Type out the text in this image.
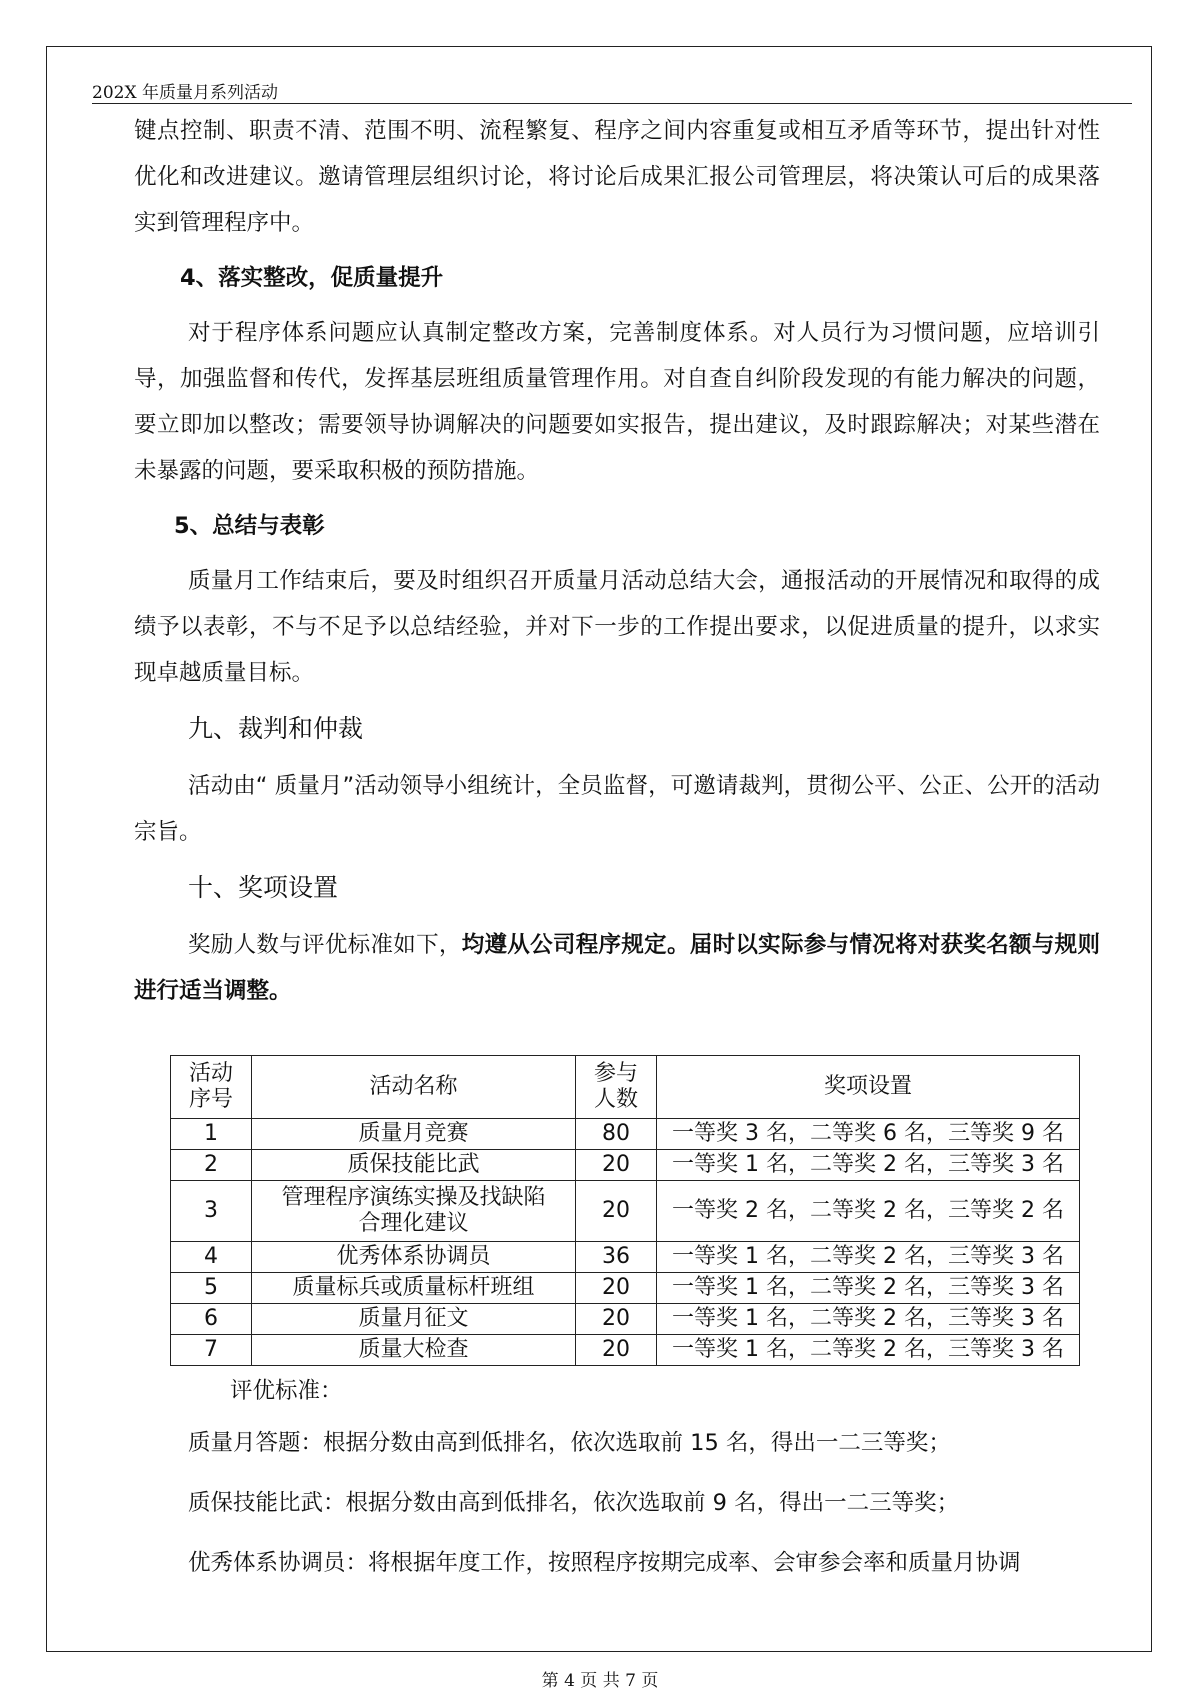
202X 年质量月系列活动

键点控制、职责不清、范围不明、流程繁复、程序之间内容重复或相互矛盾等环节，提出针对性优化和改进建议。邀请管理层组织讨论，将讨论后成果汇报公司管理层，将决策认可后的成果落实到管理程序中。

4、落实整改，促质量提升

对于程序体系问题应认真制定整改方案，完善制度体系。对人员行为习惯问题，应培训引导，加强监督和传代，发挥基层班组质量管理作用。对自查自纠阶段发现的有能力解决的问题，要立即加以整改；需要领导协调解决的问题要如实报告，提出建议，及时跟踪解决；对某些潜在未暴露的问题，要采取积极的预防措施。

5、总结与表彰

质量月工作结束后，要及时组织召开质量月活动总结大会，通报活动的开展情况和取得的成绩予以表彰，不与不足予以总结经验，并对下一步的工作提出要求，以促进质量的提升，以求实现卓越质量目标。

九、裁判和仲裁

活动由“ 质量月”活动领导小组统计，全员监督，可邀请裁判，贯彻公平、公正、公开的活动宗旨。

十、奖项设置

奖励人数与评优标准如下，均遵从公司程序规定。届时以实际参与情况将对获奖名额与规则进行适当调整。

活动序号	活动名称	参与人数	奖项设置
1	质量月竞赛	80	一等奖 3 名，二等奖 6 名，三等奖 9 名
2	质保技能比武	20	一等奖 1 名，二等奖 2 名，三等奖 3 名
3	管理程序演练实操及找缺陷合理化建议	20	一等奖 2 名，二等奖 2 名，三等奖 2 名
4	优秀体系协调员	36	一等奖 1 名，二等奖 2 名，三等奖 3 名
5	质量标兵或质量标杆班组	20	一等奖 1 名，二等奖 2 名，三等奖 3 名
6	质量月征文	20	一等奖 1 名，二等奖 2 名，三等奖 3 名
7	质量大检查	20	一等奖 1 名，二等奖 2 名，三等奖 3 名
评优标准：

质量月答题：根据分数由高到低排名，依次选取前 15 名，得出一二三等奖；

质保技能比武：根据分数由高到低排名，依次选取前 9 名，得出一二三等奖；

优秀体系协调员：将根据年度工作，按照程序按期完成率、会审参会率和质量月协调

第 4 页 共 7 页
